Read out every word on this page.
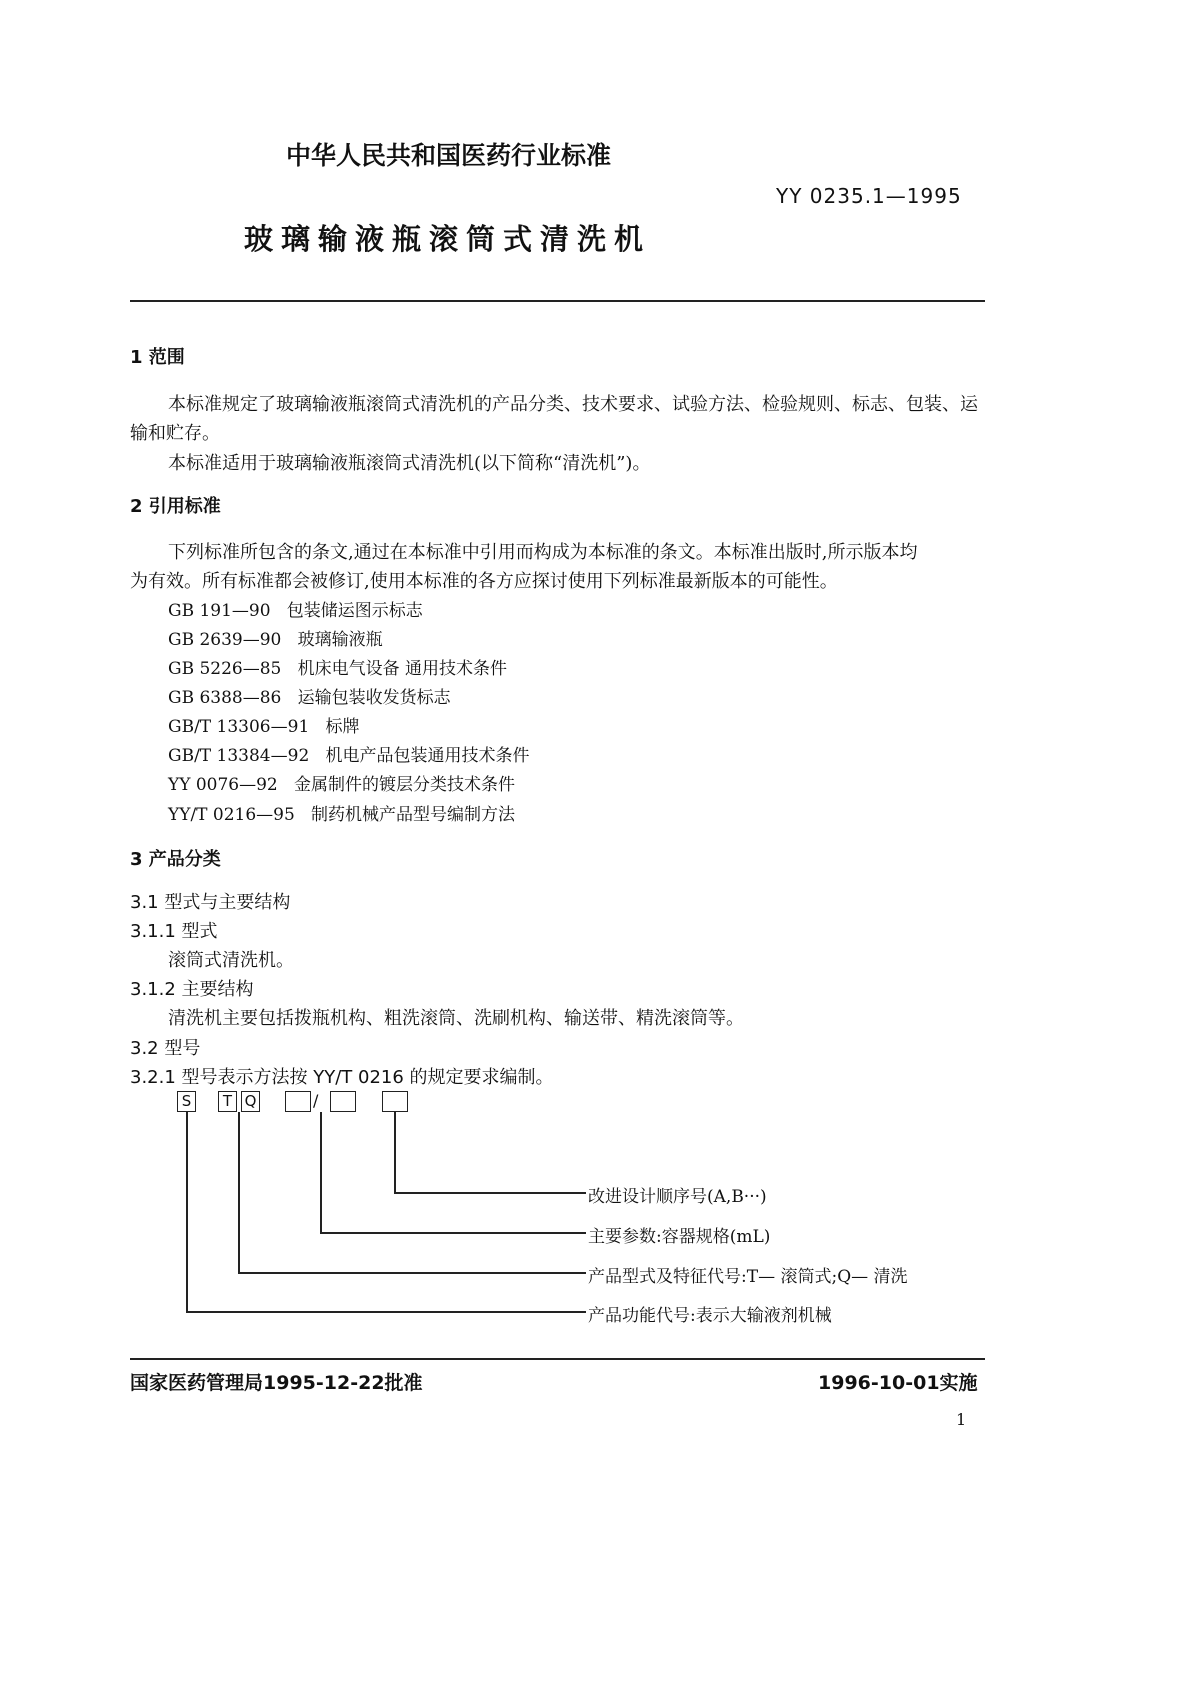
中华人民共和国医药行业标准
YY 0235.1—1995
玻璃输液瓶滚筒式清洗机
1 范围
本标准规定了玻璃输液瓶滚筒式清洗机的产品分类、技术要求、试验方法、检验规则、标志、包装、运
输和贮存。
本标准适用于玻璃输液瓶滚筒式清洗机(以下简称“清洗机”)。
2 引用标准
下列标准所包含的条文,通过在本标准中引用而构成为本标准的条文。本标准出版时,所示版本均
为有效。所有标准都会被修订,使用本标准的各方应探讨使用下列标准最新版本的可能性。
GB 191—90 包装储运图示标志
GB 2639—90 玻璃输液瓶
GB 5226—85 机床电气设备 通用技术条件
GB 6388—86 运输包装收发货标志
GB/T 13306—91 标牌
GB/T 13384—92 机电产品包装通用技术条件
YY 0076—92 金属制件的镀层分类技术条件
YY/T 0216—95 制药机械产品型号编制方法
3 产品分类
3.1 型式与主要结构
3.1.1 型式
滚筒式清洗机。
3.1.2 主要结构
清洗机主要包括拨瓶机构、粗洗滚筒、洗刷机构、输送带、精洗滚筒等。
3.2 型号
3.2.1 型号表示方法按 YY/T 0216 的规定要求编制。
S	T Q	/
改进设计顺序号(A,B···)
主要参数:容器规格(mL)
产品型式及特征代号:T— 滚筒式;Q— 清洗
产品功能代号:表示大输液剂机械
国家医药管理局1995-12-22批准	1996-10-01实施
1
